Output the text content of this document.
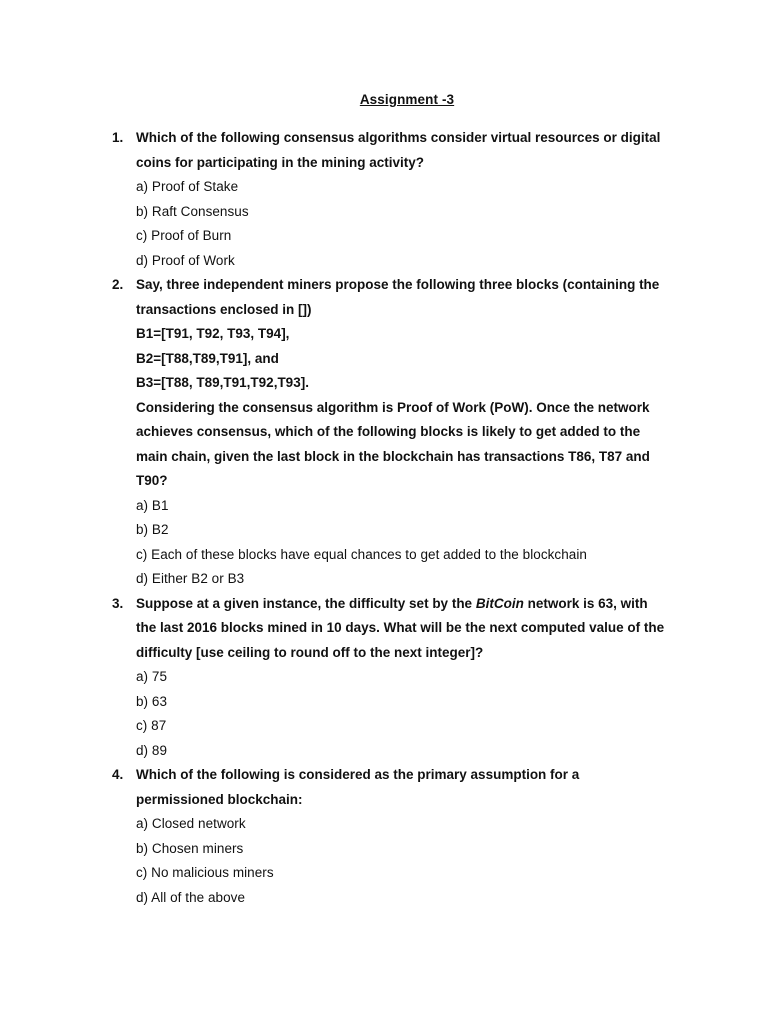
Assignment -3
1. Which of the following consensus algorithms consider virtual resources or digital
coins for participating in the mining activity?
a) Proof of Stake
b) Raft Consensus
c) Proof of Burn
d) Proof of Work
2. Say, three independent miners propose the following three blocks (containing the
transactions enclosed in [])
B1=[T91, T92, T93, T94],
B2=[T88,T89,T91], and
B3=[T88, T89,T91,T92,T93].
Considering the consensus algorithm is Proof of Work (PoW). Once the network
achieves consensus, which of the following blocks is likely to get added to the
main chain, given the last block in the blockchain has transactions T86, T87 and
T90?
a) B1
b) B2
c) Each of these blocks have equal chances to get added to the blockchain
d) Either B2 or B3
3. Suppose at a given instance, the difficulty set by the BitCoin network is 63, with
the last 2016 blocks mined in 10 days. What will be the next computed value of the
difficulty [use ceiling to round off to the next integer]?
a) 75
b) 63
c) 87
d) 89
4. Which of the following is considered as the primary assumption for a
permissioned blockchain:
a) Closed network
b) Chosen miners
c) No malicious miners
d) All of the above
